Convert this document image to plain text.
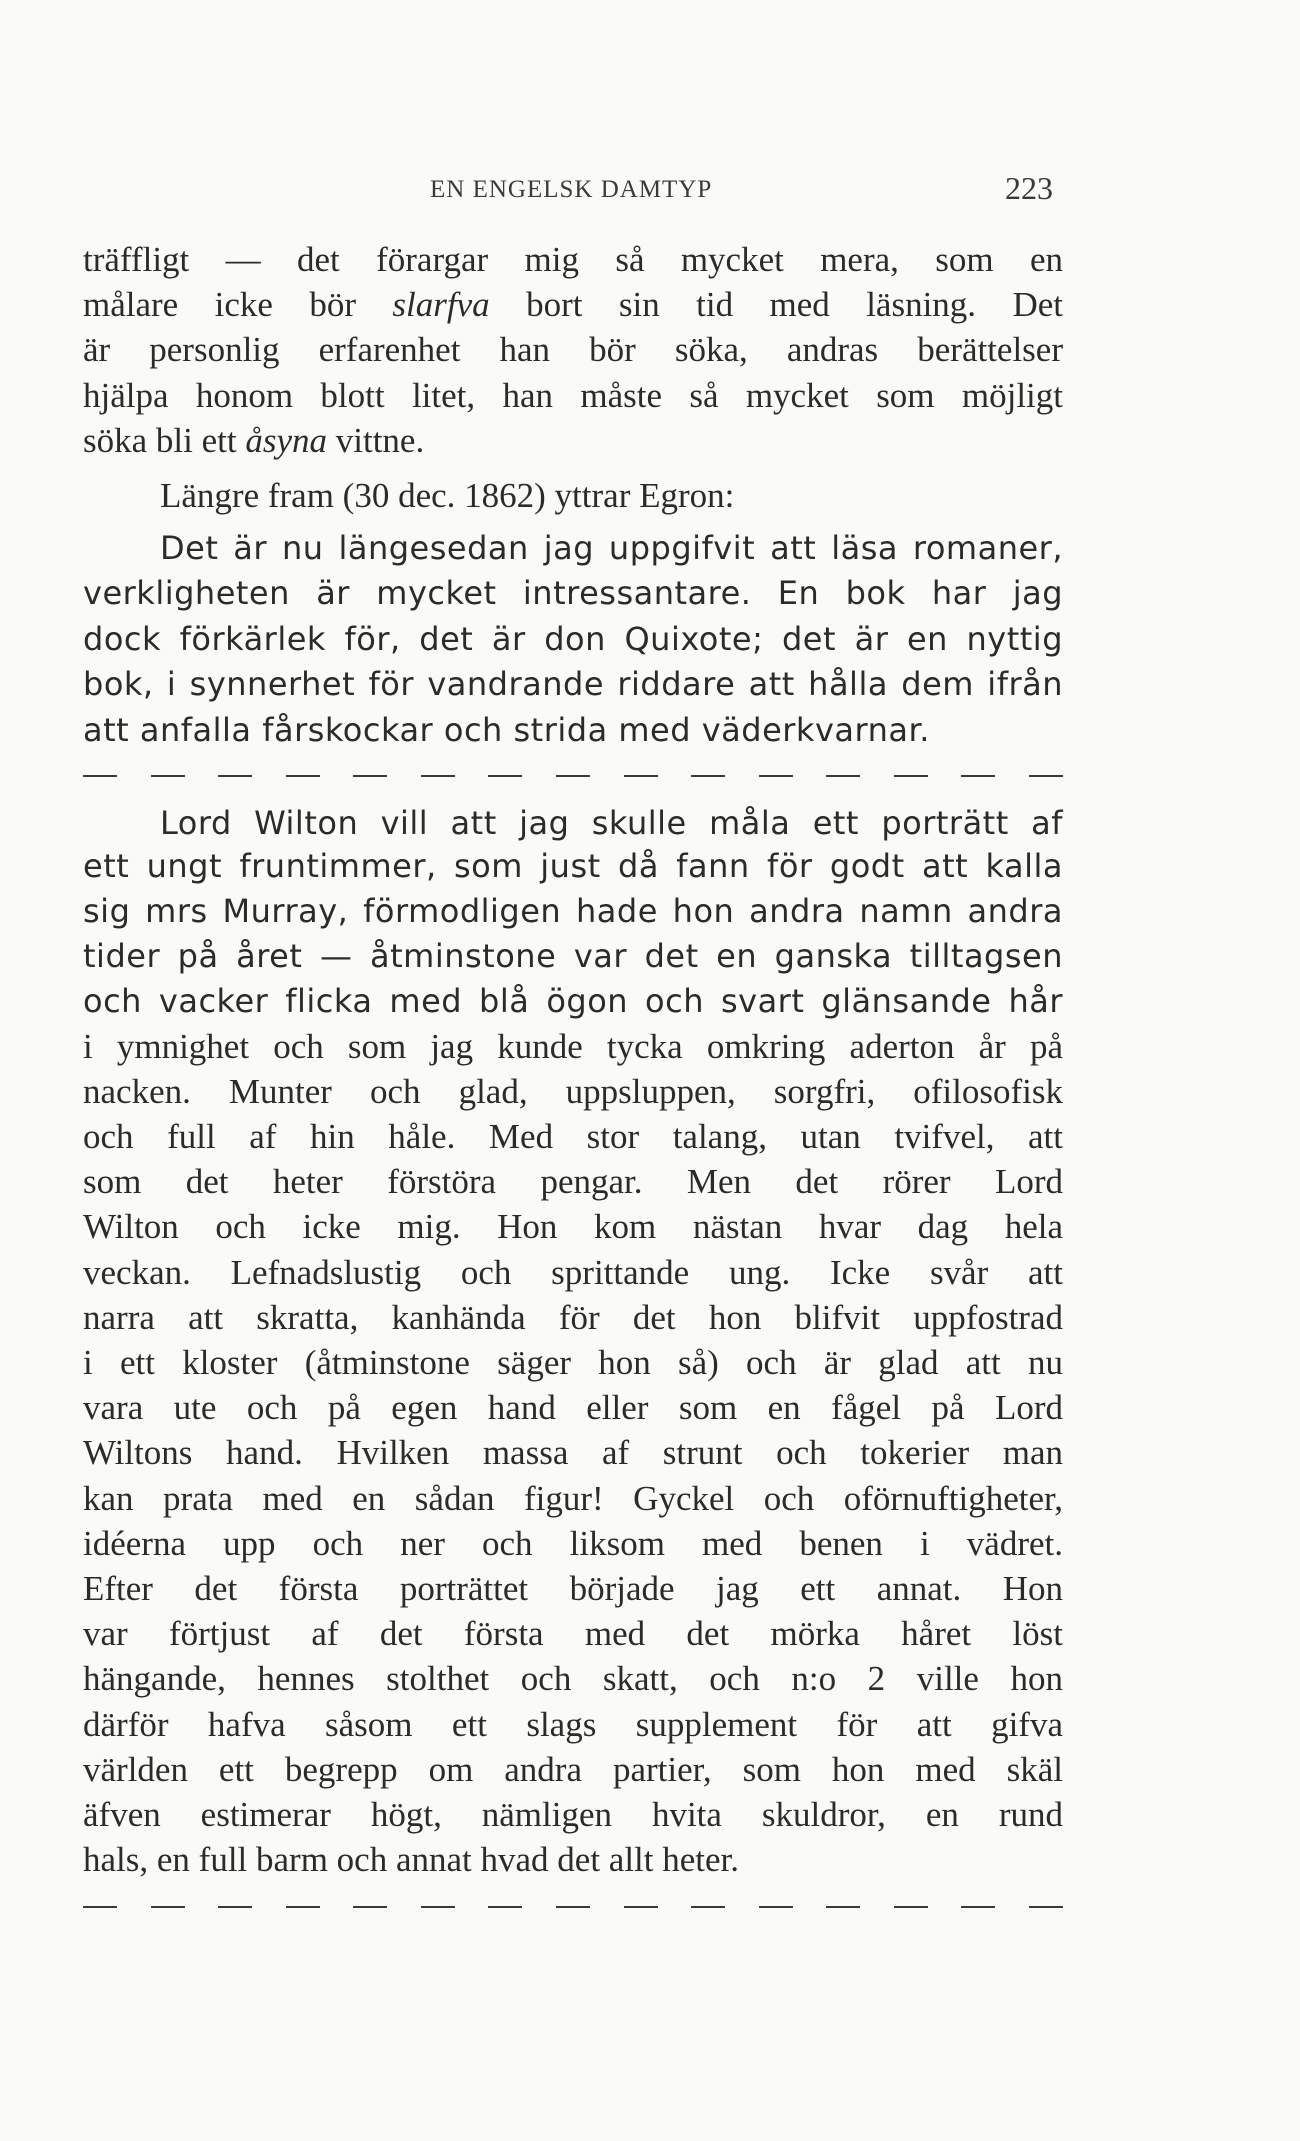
EN ENGELSK DAMTYP	223
träffligt — det förargar mig så mycket mera, som en
målare icke bör slarfva bort sin tid med läsning. Det
är personlig erfarenhet han bör söka, andras berättelser
hjälpa honom blott litet, han måste så mycket som möjligt
söka bli ett åsyna vittne.
Längre fram (30 dec. 1862) yttrar Egron:
Det är nu längesedan jag uppgifvit att läsa romaner,
verkligheten är mycket intressantare. En bok har jag
dock förkärlek för, det är don Quixote; det är en nyttig
bok, i synnerhet för vandrande riddare att hålla dem ifrån
att anfalla fårskockar och strida med väderkvarnar.
Lord Wilton vill att jag skulle måla ett porträtt af
ett ungt fruntimmer, som just då fann för godt att kalla
sig mrs Murray, förmodligen hade hon andra namn andra
tider på året — åtminstone var det en ganska tilltagsen
och vacker flicka med blå ögon och svart glänsande hår
i ymnighet och som jag kunde tycka omkring aderton år på
nacken. Munter och glad, uppsluppen, sorgfri, ofilosofisk
och full af hin håle. Med stor talang, utan tvifvel, att
som det heter förstöra pengar. Men det rörer Lord
Wilton och icke mig. Hon kom nästan hvar dag hela
veckan. Lefnadslustig och sprittande ung. Icke svår att
narra att skratta, kanhända för det hon blifvit uppfostrad
i ett kloster (åtminstone säger hon så) och är glad att nu
vara ute och på egen hand eller som en fågel på Lord
Wiltons hand. Hvilken massa af strunt och tokerier man
kan prata med en sådan figur! Gyckel och oförnuftigheter,
idéerna upp och ner och liksom med benen i vädret.
Efter det första porträttet började jag ett annat. Hon
var förtjust af det första med det mörka håret löst
hängande, hennes stolthet och skatt, och n:o 2 ville hon
därför hafva såsom ett slags supplement för att gifva
världen ett begrepp om andra partier, som hon med skäl
äfven estimerar högt, nämligen hvita skuldror, en rund
hals, en full barm och annat hvad det allt heter.
